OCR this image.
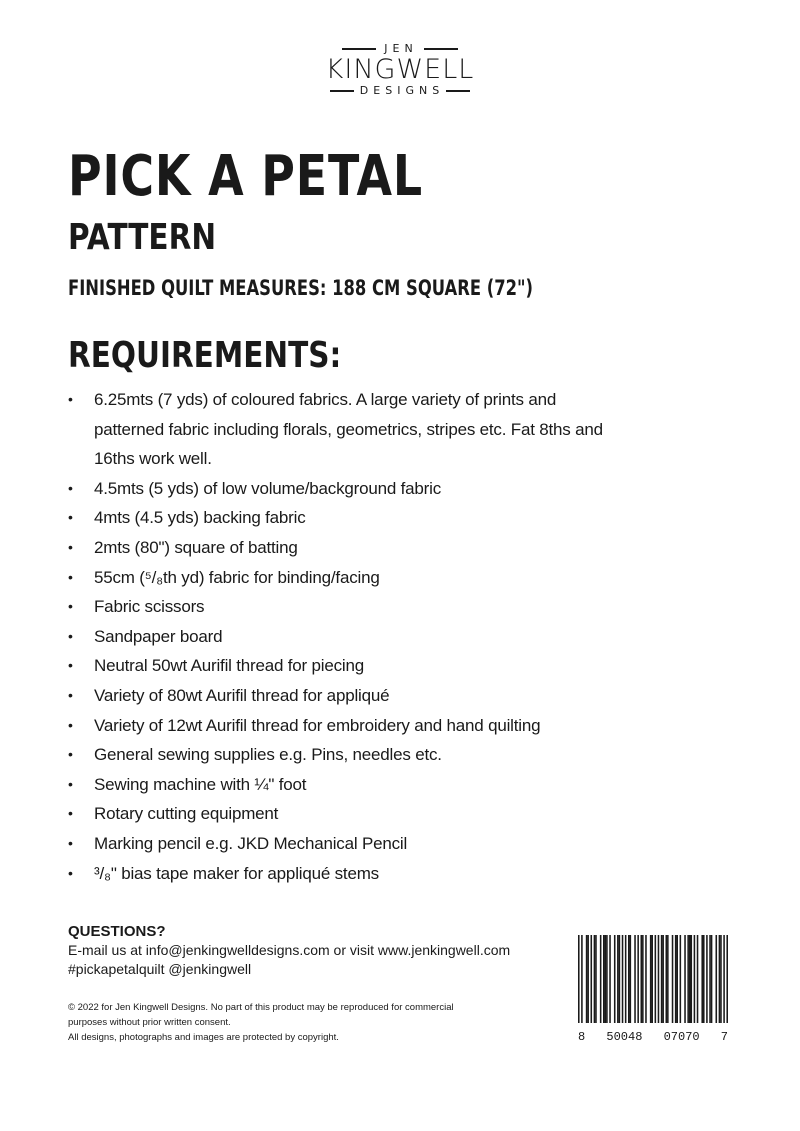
JEN
KINGWELL
DESIGNS
PICK A PETAL
PATTERN
FINISHED QUILT MEASURES: 188 CM SQUARE (72")
REQUIREMENTS:
•	6.25mts (7 yds) of coloured fabrics. A large variety of prints and patterned fabric including florals, geometrics, stripes etc. Fat 8ths and 16ths work well.
•	4.5mts (5 yds) of low volume/background fabric
•	4mts (4.5 yds) backing fabric
•	2mts (80") square of batting
•	55cm (⁵/₈th yd) fabric for binding/facing
•	Fabric scissors
•	Sandpaper board
•	Neutral 50wt Aurifil thread for piecing
•	Variety of 80wt Aurifil thread for appliqué
•	Variety of 12wt Aurifil thread for embroidery and hand quilting
•	General sewing supplies e.g. Pins, needles etc.
•	Sewing machine with ¼" foot
•	Rotary cutting equipment
•	Marking pencil e.g. JKD Mechanical Pencil
•	³/₈" bias tape maker for appliqué stems
QUESTIONS?
E-mail us at info@jenkingwelldesigns.com or visit www.jenkingwell.com
#pickapetalquilt @jenkingwell
© 2022 for Jen Kingwell Designs. No part of this product may be reproduced for commercial
purposes without prior written consent.
All designs, photographs and images are protected by copyright.	8 50048 07070 7
